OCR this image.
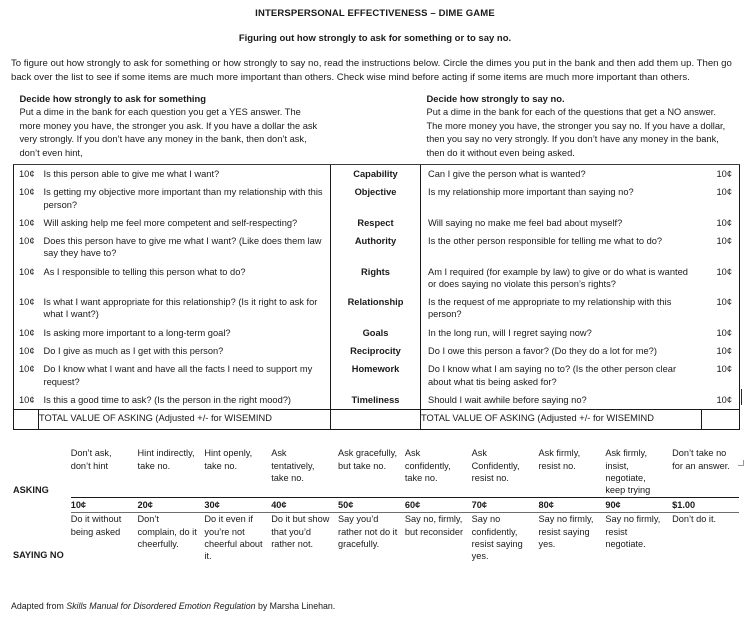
INTERSPERSONAL EFFECTIVENESS – DIME GAME
Figuring out how strongly to ask for something or to say no.
To figure out how strongly to ask for something or how strongly to say no, read the instructions below. Circle the dimes you put in the bank and then add them up. Then go back over the list to see if some items are much more important than others. Check wise mind before acting if some items are much more important than others.
Decide how strongly to ask for something
Put a dime in the bank for each question you get a YES answer. The more money you have, the stronger you ask. If you have a dollar the ask very strongly. If you don’t have any money in the bank, then don’t ask, don’t even hint,

Decide how strongly to say no.
Put a dime in the bank for each of the questions that get a NO answer. The more money you have, the stronger you say no. If you have a dollar, then you say no very strongly. If you don’t have any money in the bank, then do it without even being asked.

10¢	Is this person able to give me what I want?	Capability	Can I give the person what is wanted?	10¢
10¢	Is getting my objective more important than my relationship with this person?	Objective	Is my relationship more important than saying no?	10¢
10¢	Will asking help me feel more competent and self-respecting?	Respect	Will saying no make me feel bad about myself?	10¢
10¢	Does this person have to give me what I want? (Like does them law say they have to?	Authority	Is the other person responsible for telling me what to do?	10¢
10¢	As I responsible to telling this person what to do?	Rights	Am I required (for example by law) to give or do what is wanted or does saying no violate this person’s rights?	10¢
10¢	Is what I want appropriate for this relationship? (Is it right to ask for what I want?)	Relationship	Is the request of me appropriate to my relationship with this person?	10¢
10¢	Is asking more important to a long-term goal?	Goals	In the long run, will I regret saying now?	10¢
10¢	Do I give as much as I get with this person?	Reciprocity	Do I owe this person a favor? (Do they do a lot for me?)	10¢
10¢	Do I know what I want and have all the facts I need to support my request?	Homework	Do I know what I am saying no to? (Is the other person clear about what tis being asked for?	10¢
10¢	Is this a good time to ask? (Is the person in the right mood?)	Timeliness	Should I wait awhile before saying no?	10¢
	TOTAL VALUE OF ASKING (Adjusted +/- for WISEMIND		TOTAL VALUE OF ASKING (Adjusted +/- for WISEMIND	
ASKING	Don’t ask, don’t hint	Hint indirectly, take no.	Hint openly, take no.	Ask tentatively, take no.	Ask gracefully, but take no.	Ask confidently, take no.	Ask Confidently, resist no.	Ask firmly, resist no.	Ask firmly, insist, negotiate, keep trying	Don’t take no for an answer.
	10¢	20¢	30¢	40¢	50¢	60¢	70¢	80¢	90¢	$1.00
SAYING NO	Do it without being asked	Don’t complain, do it cheerfully.	Do it even if you’re not cheerful about it.	Do it but show that you’d rather not.	Say you’d rather not do it gracefully.	Say no, firmly, but reconsider	Say no confidently, resist saying yes.	Say no firmly, resist saying yes.	Say no firmly, resist negotiate.	Don’t do it.
Adapted from Skills Manual for Disordered Emotion Regulation by Marsha Linehan.
